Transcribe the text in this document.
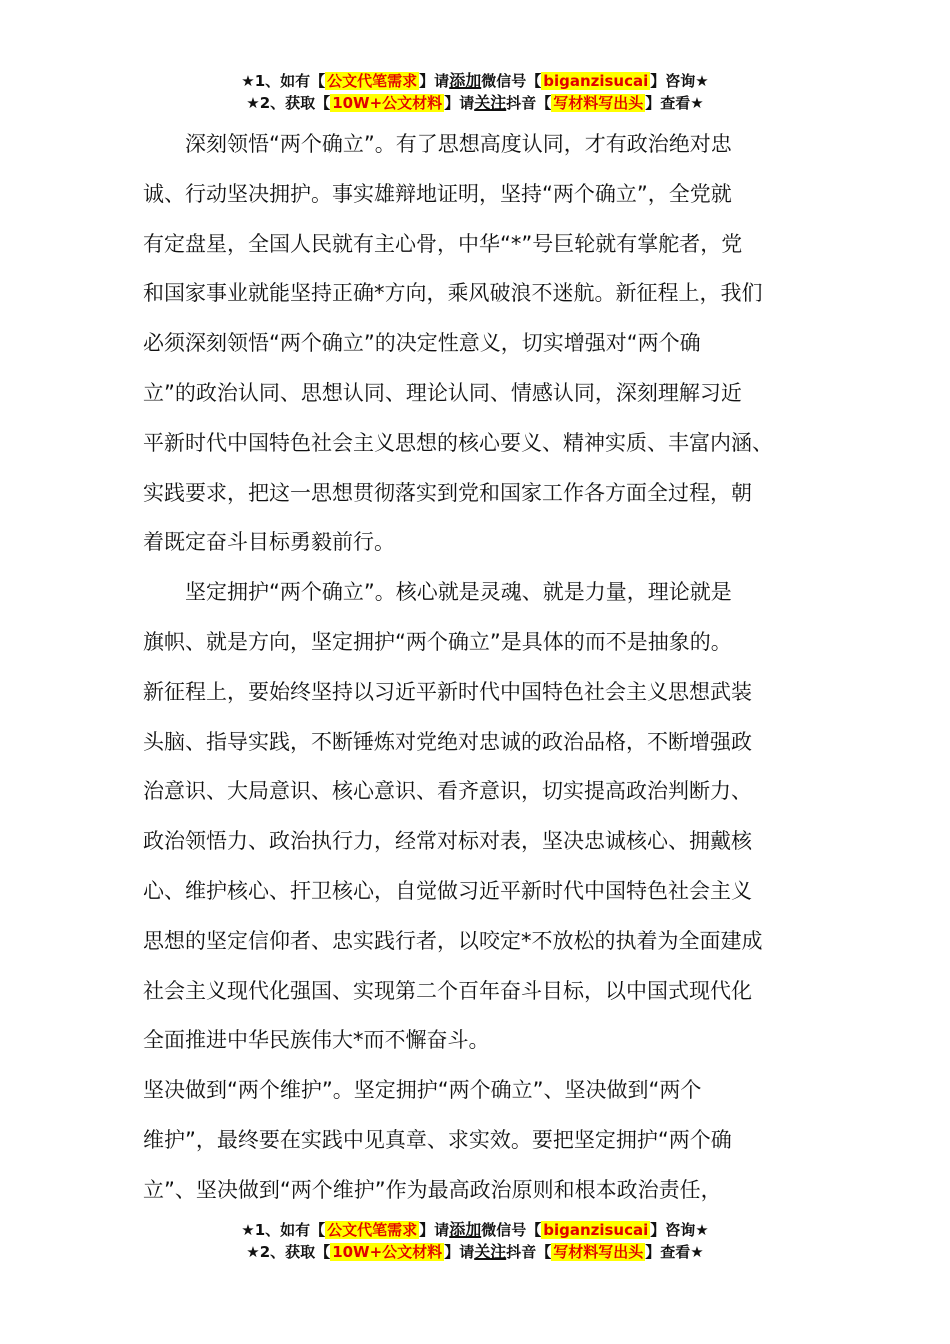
★1、如有【 公文代笔需求 】请添加微信号【 biganzisucai 】咨询★
★2、获取【 10W+公文材料 】请关注抖音【 写材料写出头 】查看★
　　深刻领悟“两个确立”。有了思想高度认同，才有政治绝对忠
诚、行动坚决拥护。事实雄辩地证明，坚持“两个确立”，全党就
有定盘星，全国人民就有主心骨，中华“*”号巨轮就有掌舵者，党
和国家事业就能坚持正确*方向，乘风破浪不迷航。新征程上，我们
必须深刻领悟“两个确立”的决定性意义，切实增强对“两个确
立”的政治认同、思想认同、理论认同、情感认同，深刻理解习近
平新时代中国特色社会主义思想的核心要义、精神实质、丰富内涵、
实践要求，把这一思想贯彻落实到党和国家工作各方面全过程，朝
着既定奋斗目标勇毅前行。
　　坚定拥护“两个确立”。核心就是灵魂、就是力量，理论就是
旗帜、就是方向，坚定拥护“两个确立”是具体的而不是抽象的。
新征程上，要始终坚持以习近平新时代中国特色社会主义思想武装
头脑、指导实践，不断锤炼对党绝对忠诚的政治品格，不断增强政
治意识、大局意识、核心意识、看齐意识，切实提高政治判断力、
政治领悟力、政治执行力，经常对标对表，坚决忠诚核心、拥戴核
心、维护核心、扞卫核心，自觉做习近平新时代中国特色社会主义
思想的坚定信仰者、忠实践行者，以咬定*不放松的执着为全面建成
社会主义现代化强国、实现第二个百年奋斗目标，以中国式现代化
全面推进中华民族伟大*而不懈奋斗。
坚决做到“两个维护”。坚定拥护“两个确立”、坚决做到“两个
维护”，最终要在实践中见真章、求实效。要把坚定拥护“两个确
立”、坚决做到“两个维护”作为最高政治原则和根本政治责任，
★1、如有【 公文代笔需求 】请添加微信号【 biganzisucai 】咨询★
★2、获取【 10W+公文材料 】请关注抖音【 写材料写出头 】查看★
